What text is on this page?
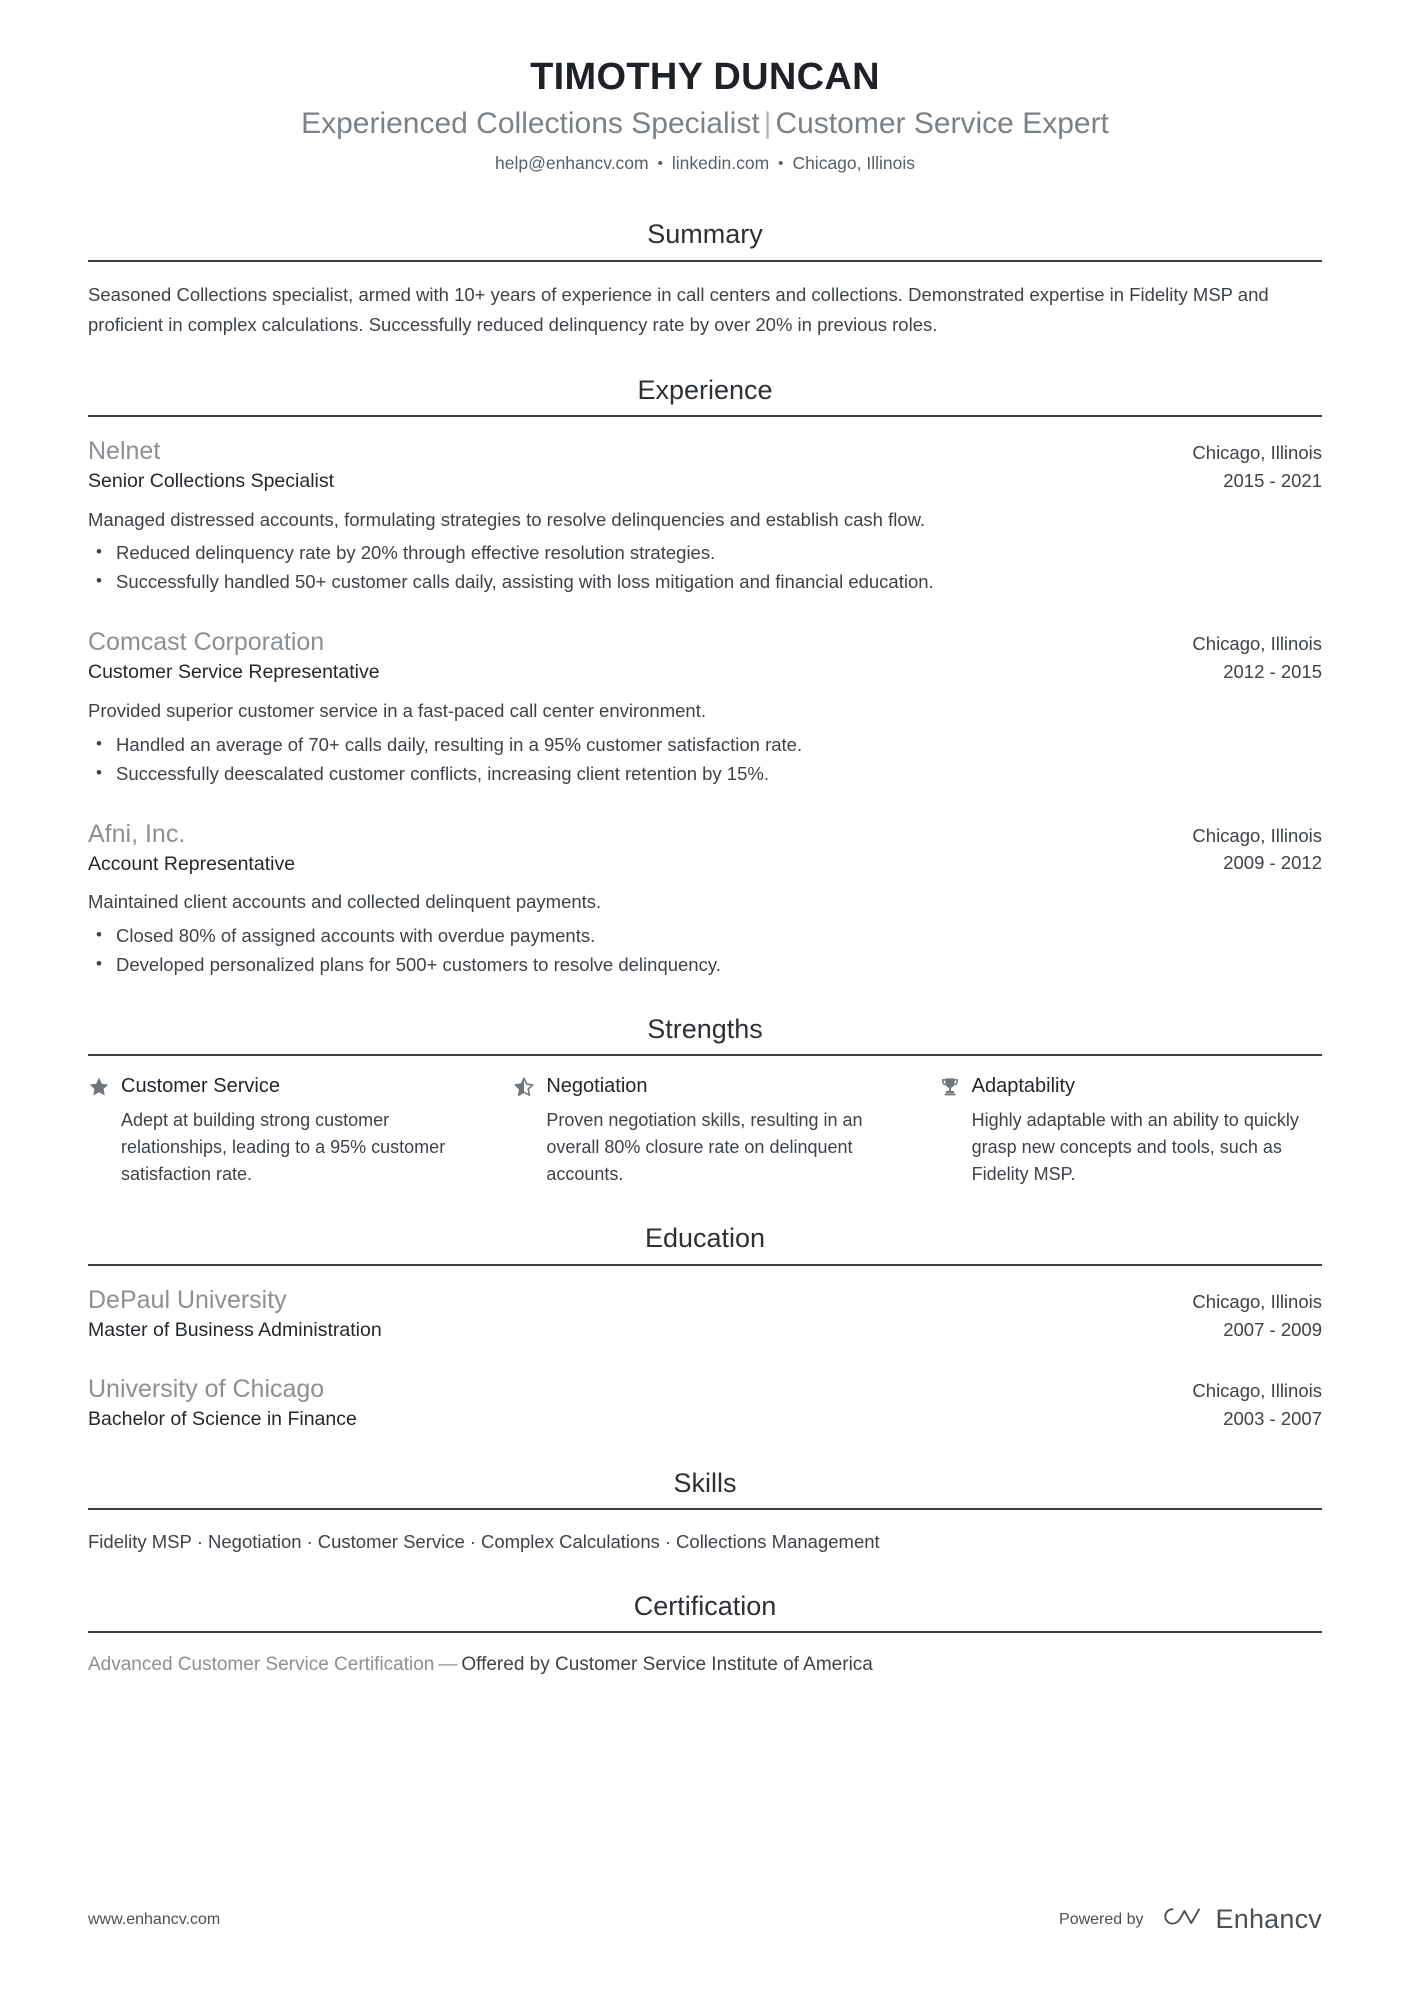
TIMOTHY DUNCAN
Experienced Collections Specialist | Customer Service Expert
help@enhancv.com • linkedin.com • Chicago, Illinois
Summary

Seasoned Collections specialist, armed with 10+ years of experience in call centers and collections. Demonstrated expertise in Fidelity MSP and proficient in complex calculations. Successfully reduced delinquency rate by over 20% in previous roles.

Experience
Nelnet
Senior Collections Specialist
Chicago, Illinois
2015 - 2021

Managed distressed accounts, formulating strategies to resolve delinquencies and establish cash flow.

• Reduced delinquency rate by 20% through effective resolution strategies.
• Successfully handled 50+ customer calls daily, assisting with loss mitigation and financial education.
Comcast Corporation
Customer Service Representative
Chicago, Illinois
2012 - 2015

Provided superior customer service in a fast-paced call center environment.

• Handled an average of 70+ calls daily, resulting in a 95% customer satisfaction rate.
• Successfully deescalated customer conflicts, increasing client retention by 15%.
Afni, Inc.
Account Representative
Chicago, Illinois
2009 - 2012

Maintained client accounts and collected delinquent payments.

• Closed 80% of assigned accounts with overdue payments.
• Developed personalized plans for 500+ customers to resolve delinquency.
Strengths
Customer Service

Adept at building strong customer relationships, leading to a 95% customer satisfaction rate.

Negotiation

Proven negotiation skills, resulting in an overall 80% closure rate on delinquent accounts.

Adaptability

Highly adaptable with an ability to quickly grasp new concepts and tools, such as Fidelity MSP.

Education
DePaul University
Master of Business Administration
Chicago, Illinois
2007 - 2009
University of Chicago
Bachelor of Science in Finance
Chicago, Illinois
2003 - 2007
Skills
Fidelity MSP · Negotiation · Customer Service · Complex Calculations · Collections Management
Certification
Advanced Customer Service Certification — Offered by Customer Service Institute of America
www.enhancv.com	Powered by	Enhancv
